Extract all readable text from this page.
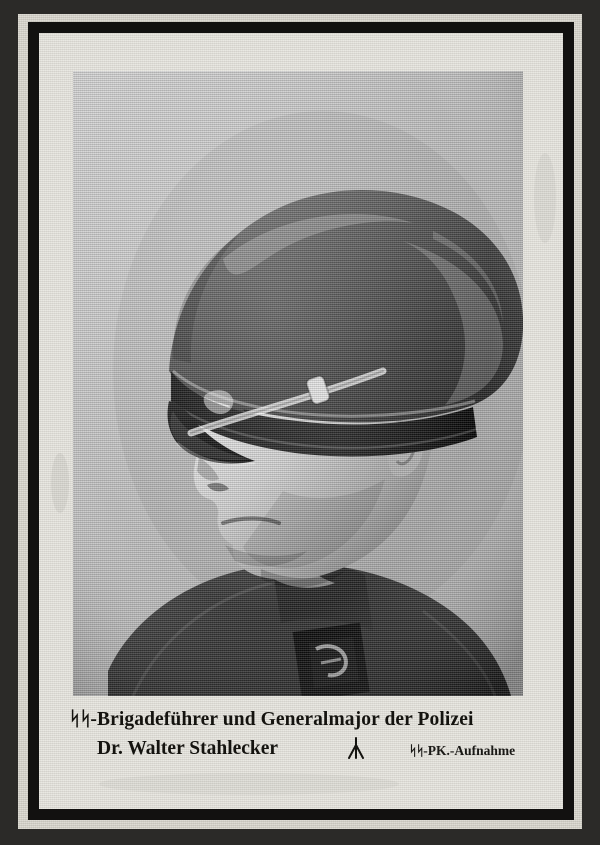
ᛋᛋ-Brigadeführer und Generalmajor der Polizei
Dr. Walter Stahlecker	ᛋᛋ-PK.-Aufnahme
